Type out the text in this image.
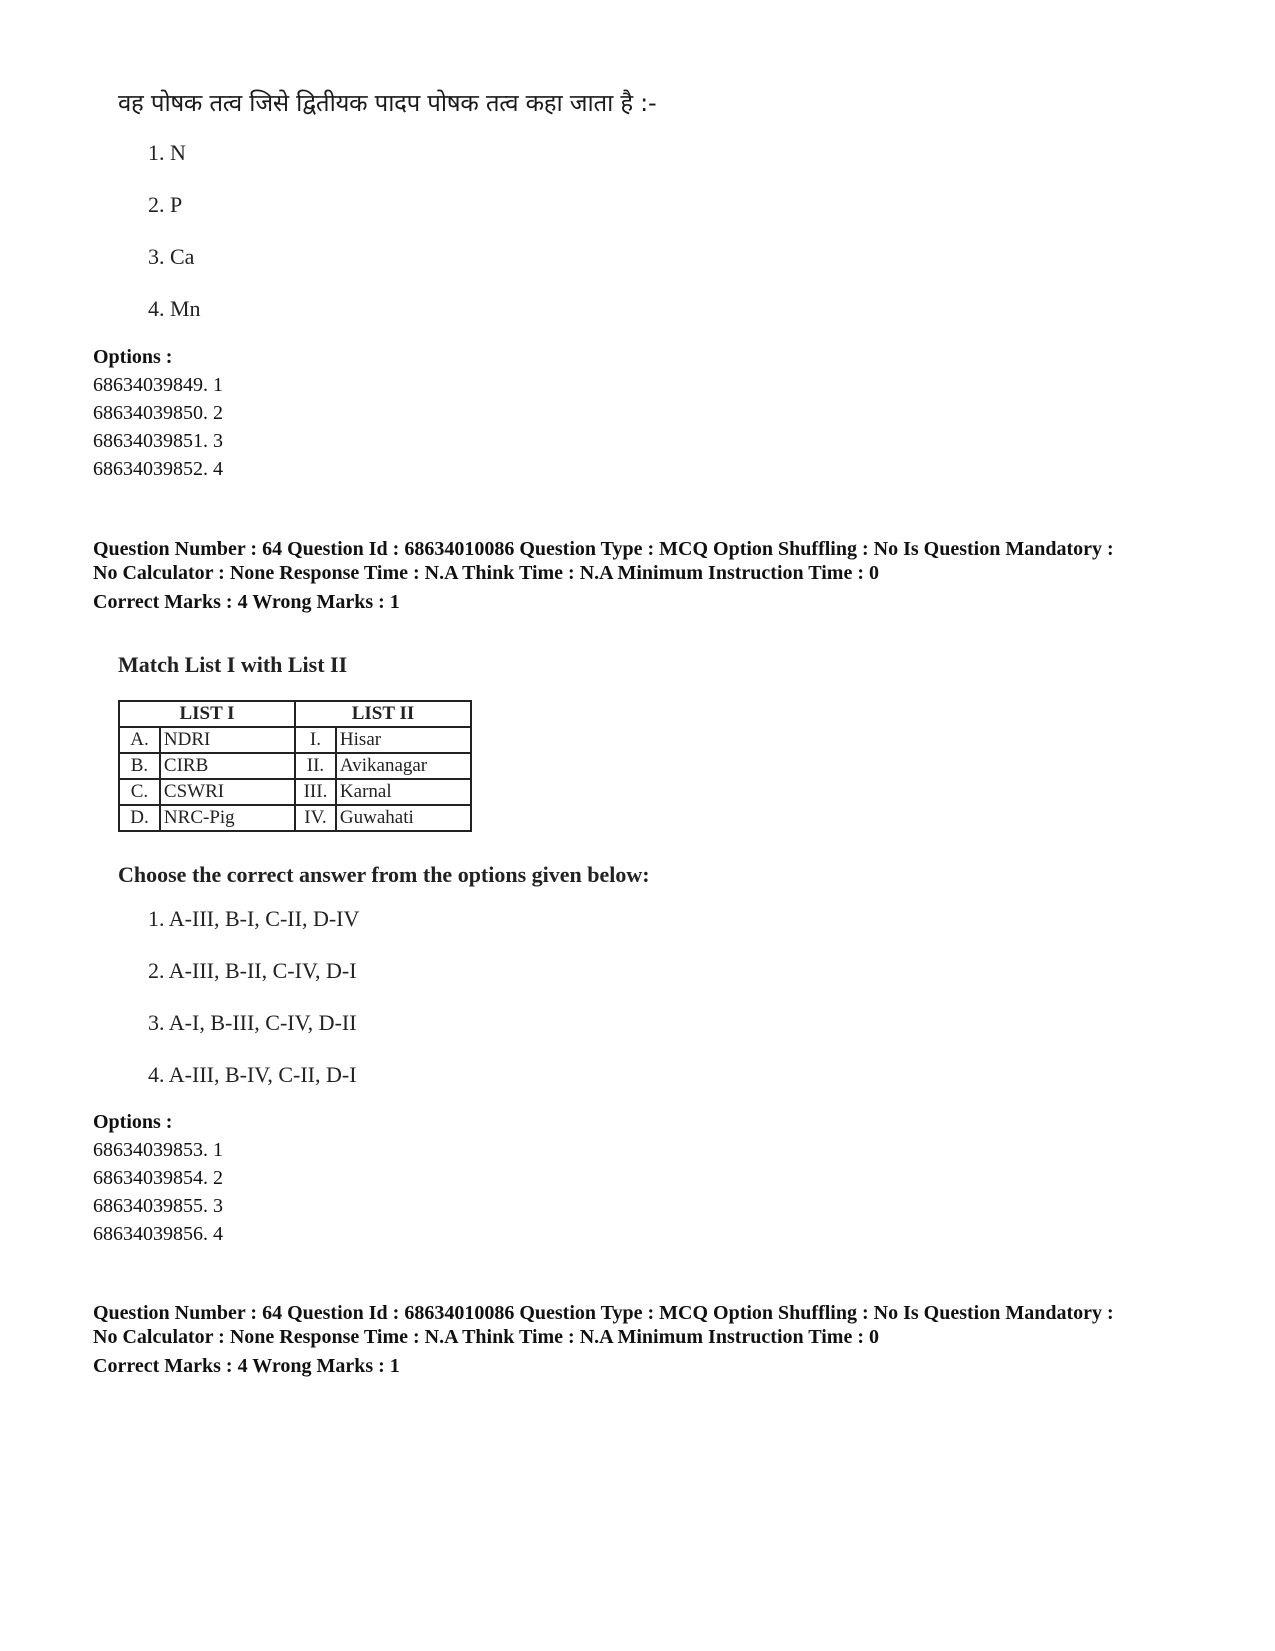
वह पोषक तत्व जिसे द्वितीयक पादप पोषक तत्व कहा जाता है :-
1. N
2. P
3. Ca
4. Mn
Options :
68634039849. 1
68634039850. 2
68634039851. 3
68634039852. 4
Question Number : 64 Question Id : 68634010086 Question Type : MCQ Option Shuffling : No Is Question Mandatory :
No Calculator : None Response Time : N.A Think Time : N.A Minimum Instruction Time : 0
Correct Marks : 4 Wrong Marks : 1
Match List I with List II
LIST I		LIST II	
A.	NDRI	I.	Hisar
B.	CIRB	II.	Avikanagar
C.	CSWRI	III.	Karnal
D.	NRC-Pig	IV.	Guwahati
Choose the correct answer from the options given below:
1. A-III, B-I, C-II, D-IV
2. A-III, B-II, C-IV, D-I
3. A-I, B-III, C-IV, D-II
4. A-III, B-IV, C-II, D-I
Options :
68634039853. 1
68634039854. 2
68634039855. 3
68634039856. 4
Question Number : 64 Question Id : 68634010086 Question Type : MCQ Option Shuffling : No Is Question Mandatory :
No Calculator : None Response Time : N.A Think Time : N.A Minimum Instruction Time : 0
Correct Marks : 4 Wrong Marks : 1
